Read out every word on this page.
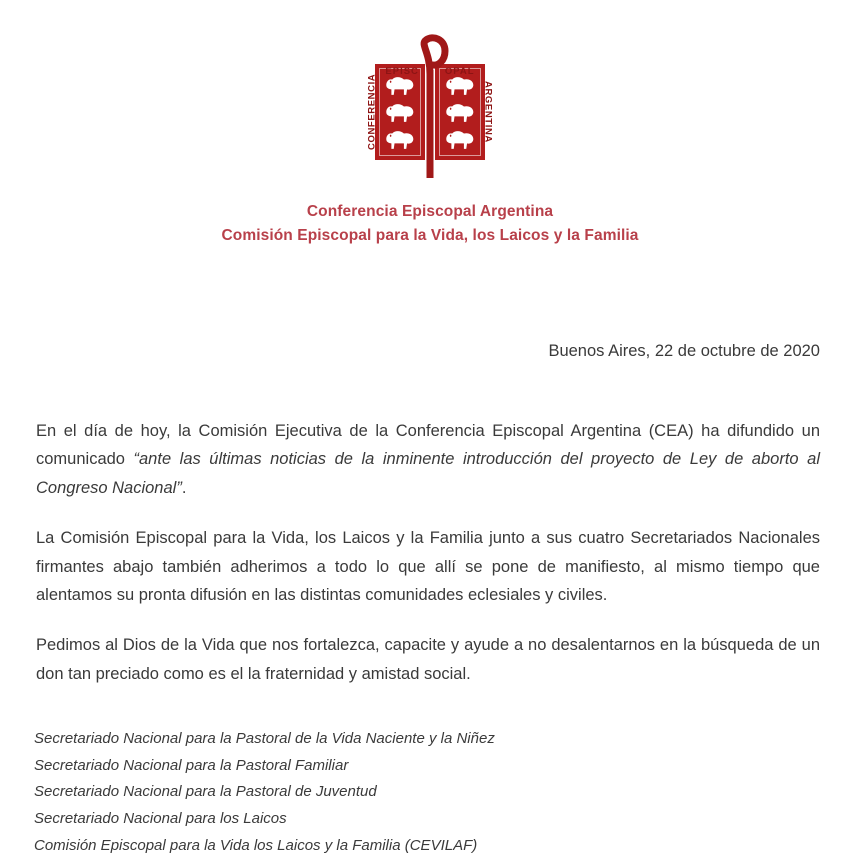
CONFERENCIA	ARGENTINA
EPISC	OPAL
Conferencia Episcopal Argentina
Comisión Episcopal para la Vida, los Laicos y la Familia
Buenos Aires, 22 de octubre de 2020

En el día de hoy, la Comisión Ejecutiva de la Conferencia Episcopal Argentina (CEA) ha difundido un comunicado “ante las últimas noticias de la inminente introducción del proyecto de Ley de aborto al Congreso Nacional”.

La Comisión Episcopal para la Vida, los Laicos y la Familia junto a sus cuatro Secretariados Nacionales firmantes abajo también adherimos a todo lo que allí se pone de manifiesto, al mismo tiempo que alentamos su pronta difusión en las distintas comunidades eclesiales y civiles.

Pedimos al Dios de la Vida que nos fortalezca, capacite y ayude a no desalentarnos en la búsqueda de un don tan preciado como es el la fraternidad y amistad social.

Secretariado Nacional para la Pastoral de la Vida Naciente y la Niñez
Secretariado Nacional para la Pastoral Familiar
Secretariado Nacional para la Pastoral de Juventud
Secretariado Nacional para los Laicos
Comisión Episcopal para la Vida los Laicos y la Familia (CEVILAF)
